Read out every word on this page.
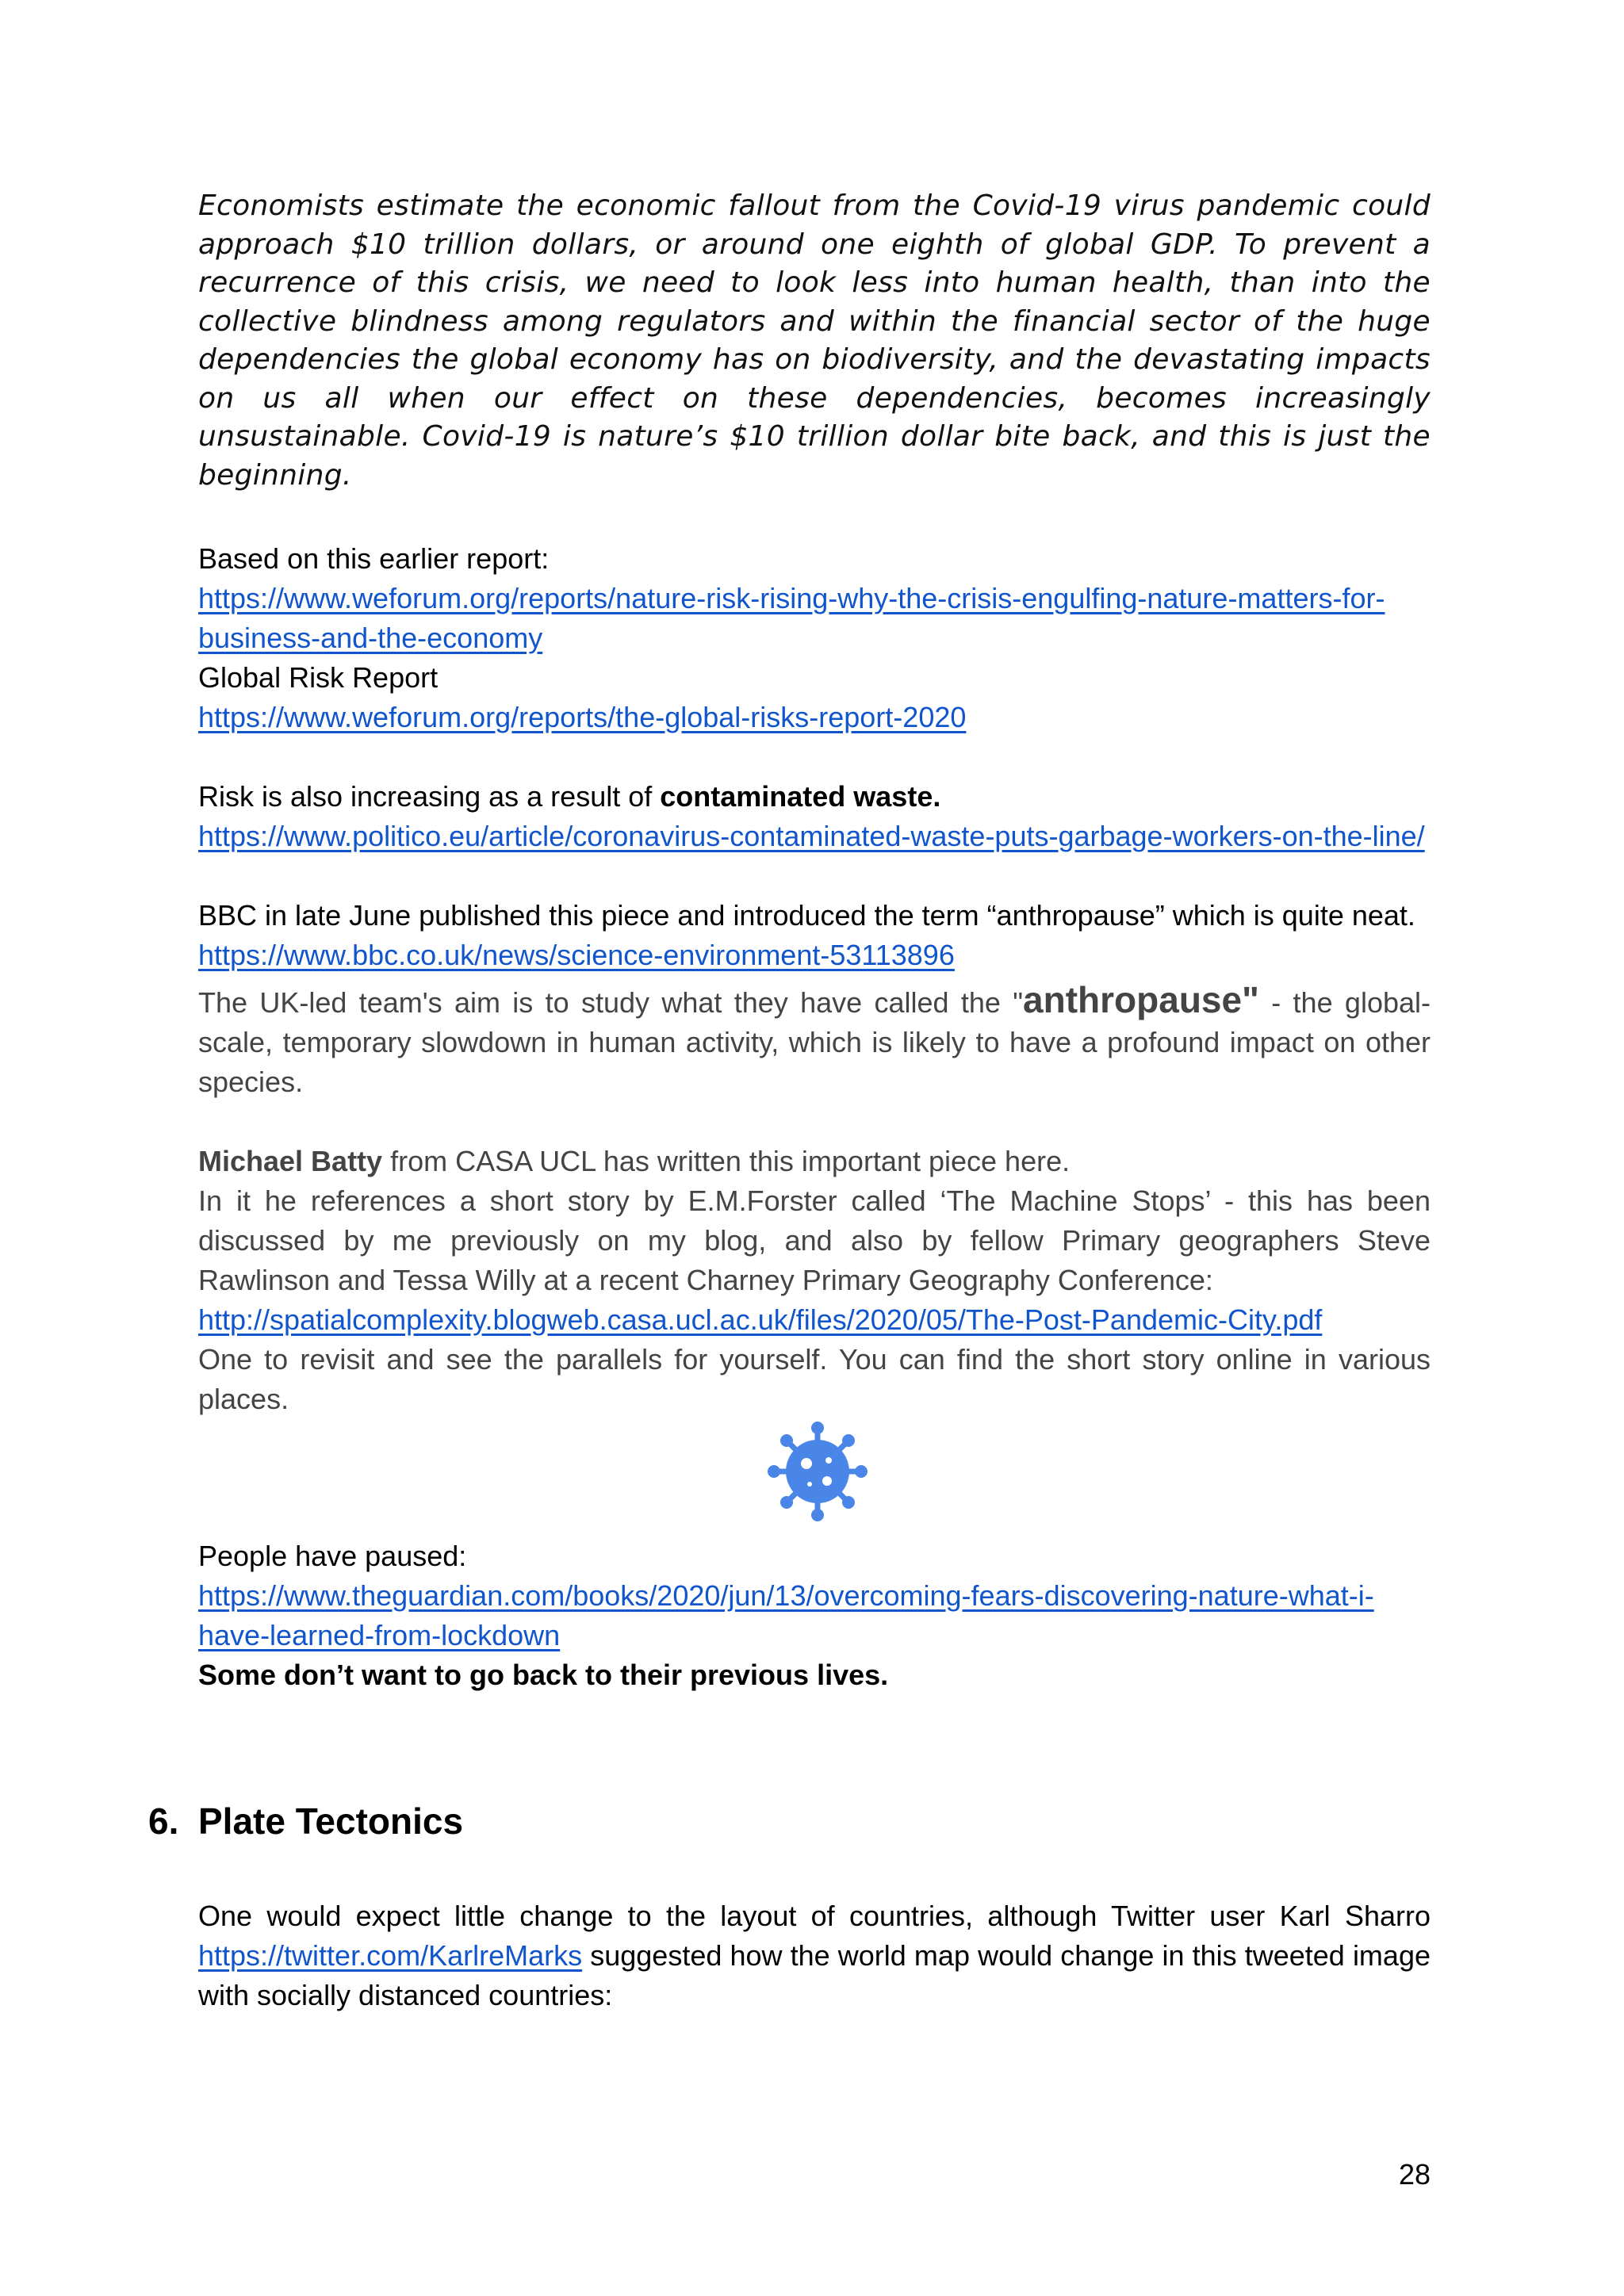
Economists estimate the economic fallout from the Covid-19 virus pandemic could approach $10 trillion dollars, or around one eighth of global GDP. To prevent a recurrence of this crisis, we need to look less into human health, than into the collective blindness among regulators and within the financial sector of the huge dependencies the global economy has on biodiversity, and the devastating impacts on us all when our effect on these dependencies, becomes increasingly unsustainable. Covid-19 is nature’s $10 trillion dollar bite back, and this is just the beginning.

Based on this earlier report:

https://www.weforum.org/reports/nature-risk-rising-why-the-crisis-engulfing-nature-matters-for-business-and-the-economy

Global Risk Report

https://www.weforum.org/reports/the-global-risks-report-2020

Risk is also increasing as a result of contaminated waste.

https://www.politico.eu/article/coronavirus-contaminated-waste-puts-garbage-workers-on-the-line/

BBC in late June published this piece and introduced the term “anthropause” which is quite neat.

https://www.bbc.co.uk/news/science-environment-53113896

The UK-led team's aim is to study what they have called the "anthropause" - the global-scale, temporary slowdown in human activity, which is likely to have a profound impact on other species.

Michael Batty from CASA UCL has written this important piece here.

In it he references a short story by E.M.Forster called ‘The Machine Stops’ - this has been discussed by me previously on my blog, and also by fellow Primary geographers Steve Rawlinson and Tessa Willy at a recent Charney Primary Geography Conference:

http://spatialcomplexity.blogweb.casa.ucl.ac.uk/files/2020/05/The-Post-Pandemic-City.pdf

One to revisit and see the parallels for yourself. You can find the short story online in various places.

People have paused:

https://www.theguardian.com/books/2020/jun/13/overcoming-fears-discovering-nature-what-i-have-learned-from-lockdown

Some don’t want to go back to their previous lives.

6. Plate Tectonics

One would expect little change to the layout of countries, although Twitter user Karl Sharro https://twitter.com/KarlreMarks suggested how the world map would change in this tweeted image with socially distanced countries:

28
